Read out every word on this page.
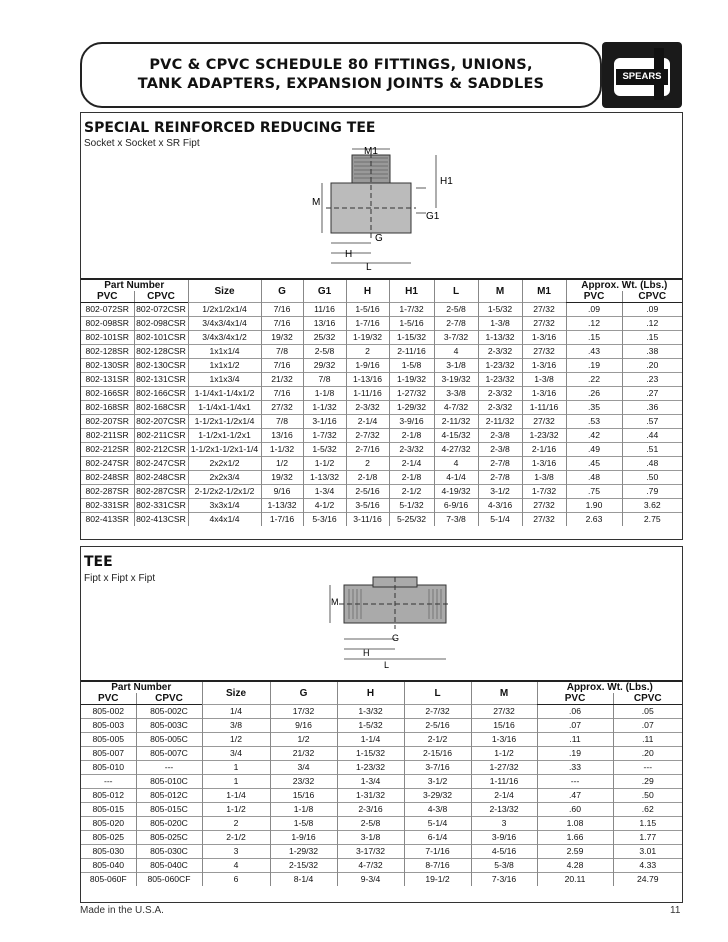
PVC & CPVC SCHEDULE 80 FITTINGS, UNIONS,
TANK ADAPTERS, EXPANSION JOINTS & SADDLES	SPEARS
SPECIAL REINFORCED REDUCING TEE
Socket x Socket x SR Fipt
M1
H1
M
G1
G
H
L
Part Number		Size	G	G1	H	H1	L	M	M1	Approx. Wt. (Lbs.)	
PVC	CPVC									PVC	CPVC
802-072SR	802-072CSR	1/2x1/2x1/4	7/16	11/16	1-5/16	1-7/32	2-5/8	1-5/32	27/32	.09	.09
802-098SR	802-098CSR	3/4x3/4x1/4	7/16	13/16	1-7/16	1-5/16	2-7/8	1-3/8	27/32	.12	.12
802-101SR	802-101CSR	3/4x3/4x1/2	19/32	25/32	1-19/32	1-15/32	3-7/32	1-13/32	1-3/16	.15	.15
802-128SR	802-128CSR	1x1x1/4	7/8	2-5/8	2	2-11/16	4	2-3/32	27/32	.43	.38
802-130SR	802-130CSR	1x1x1/2	7/16	29/32	1-9/16	1-5/8	3-1/8	1-23/32	1-3/16	.19	.20
802-131SR	802-131CSR	1x1x3/4	21/32	7/8	1-13/16	1-19/32	3-19/32	1-23/32	1-3/8	.22	.23
802-166SR	802-166CSR	1-1/4x1-1/4x1/2	7/16	1-1/8	1-11/16	1-27/32	3-3/8	2-3/32	1-3/16	.26	.27
802-168SR	802-168CSR	1-1/4x1-1/4x1	27/32	1-1/32	2-3/32	1-29/32	4-7/32	2-3/32	1-11/16	.35	.36
802-207SR	802-207CSR	1-1/2x1-1/2x1/4	7/8	3-1/16	2-1/4	3-9/16	2-11/32	2-11/32	27/32	.53	.57
802-211SR	802-211CSR	1-1/2x1-1/2x1	13/16	1-7/32	2-7/32	2-1/8	4-15/32	2-3/8	1-23/32	.42	.44
802-212SR	802-212CSR	1-1/2x1-1/2x1-1/4	1-1/32	1-5/32	2-7/16	2-3/32	4-27/32	2-3/8	2-1/16	.49	.51
802-247SR	802-247CSR	2x2x1/2	1/2	1-1/2	2	2-1/4	4	2-7/8	1-3/16	.45	.48
802-248SR	802-248CSR	2x2x3/4	19/32	1-13/32	2-1/8	2-1/8	4-1/4	2-7/8	1-3/8	.48	.50
802-287SR	802-287CSR	2-1/2x2-1/2x1/2	9/16	1-3/4	2-5/16	2-1/2	4-19/32	3-1/2	1-7/32	.75	.79
802-331SR	802-331CSR	3x3x1/4	1-13/32	4-1/2	3-5/16	5-1/32	6-9/16	4-3/16	27/32	1.90	3.62
802-413SR	802-413CSR	4x4x1/4	1-7/16	5-3/16	3-11/16	5-25/32	7-3/8	5-1/4	27/32	2.63	2.75
TEE
Fipt x Fipt x Fipt
M
G
H
L
Part Number		Size	G	H	L	M	Approx. Wt. (Lbs.)	
PVC	CPVC						PVC	CPVC
805-002	805-002C	1/4	17/32	1-3/32	2-7/32	27/32	.06	.05
805-003	805-003C	3/8	9/16	1-5/32	2-5/16	15/16	.07	.07
805-005	805-005C	1/2	1/2	1-1/4	2-1/2	1-3/16	.11	.11
805-007	805-007C	3/4	21/32	1-15/32	2-15/16	1-1/2	.19	.20
805-010	---	1	3/4	1-23/32	3-7/16	1-27/32	.33	---
---	805-010C	1	23/32	1-3/4	3-1/2	1-11/16	---	.29
805-012	805-012C	1-1/4	15/16	1-31/32	3-29/32	2-1/4	.47	.50
805-015	805-015C	1-1/2	1-1/8	2-3/16	4-3/8	2-13/32	.60	.62
805-020	805-020C	2	1-5/8	2-5/8	5-1/4	3	1.08	1.15
805-025	805-025C	2-1/2	1-9/16	3-1/8	6-1/4	3-9/16	1.66	1.77
805-030	805-030C	3	1-29/32	3-17/32	7-1/16	4-5/16	2.59	3.01
805-040	805-040C	4	2-15/32	4-7/32	8-7/16	5-3/8	4.28	4.33
805-060F	805-060CF	6	8-1/4	9-3/4	19-1/2	7-3/16	20.11	24.79
Made in the U.S.A.	11
